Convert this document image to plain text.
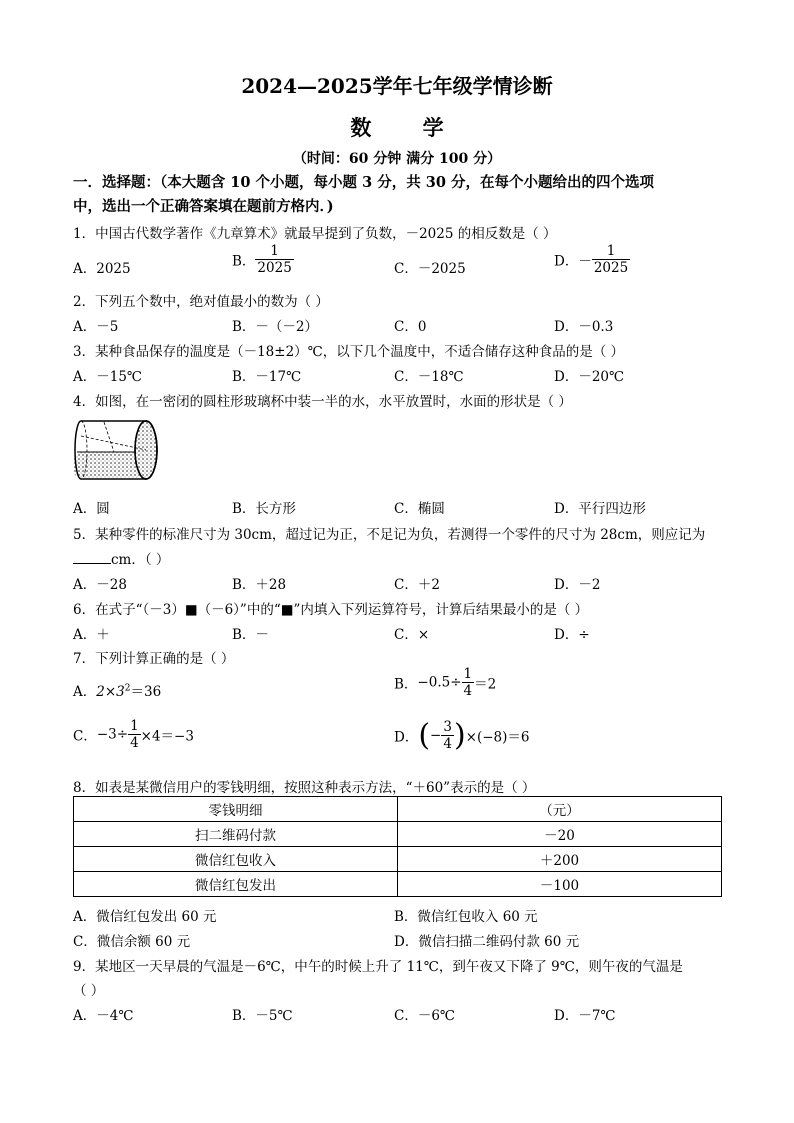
2024—2025学年七年级学情诊断
数 学
（时间：60 分钟 满分 100 分）
一．选择题：（本大题含 10 个小题，每小题 3 分，共 30 分，在每个小题给出的四个选项
中，选出一个正确答案填在题前方格内．)
1．中国古代数学著作《九章算术》就最早提到了负数，－2025 的相反数是（ ）
A．2025	B． $\frac{1}{2025}$	C．－2025	D．－ $\frac{1}{2025}$
2．下列五个数中，绝对值最小的数为（ ）
A．－5	B．－（－2）	C．0	D．－0.3
3．某种食品保存的温度是（－18±2）℃，以下几个温度中，不适合储存这种食品的是（ ）
A．－15℃	B．－17℃	C．－18℃	D．－20℃
4．如图，在一密闭的圆柱形玻璃杯中装一半的水，水平放置时，水面的形状是（ ）
A．圆	B．长方形	C．椭圆	D．平行四边形
5．某种零件的标准尺寸为 30cm，超过记为正，不足记为负，若测得一个零件的尺寸为 28cm，则应记为
cm．（ ）
A．－28	B．＋28	C．＋2	D．－2
6．在式子“（－3）■（－6）”中的“■”内填入下列运算符号，计算后结果最小的是（ ）
A．＋	B．－	C．×	D．÷
7．下列计算正确的是（ ）
A．$2\times 3^2=36$	B．$-0.5\div \frac{1}{4} =2$
C．$-3\div \frac{1}{4} \times 4=-3$	D．(− $\frac{3}{4} )\times(-8)=6$
8．如表是某微信用户的零钱明细，按照这种表示方法，“＋60”表示的是（ ）
零钱明细	（元）
扫二维码付款	－20
微信红包收入	＋200
微信红包发出	－100
A．微信红包发出 60 元	B．微信红包收入 60 元
C．微信余额 60 元	D．微信扫描二维码付款 60 元
9．某地区一天早晨的气温是－6℃，中午的时候上升了 11℃，到午夜又下降了 9℃，则午夜的气温是
（ ）
A．－4℃	B．－5℃	C．－6℃	D．－7℃
